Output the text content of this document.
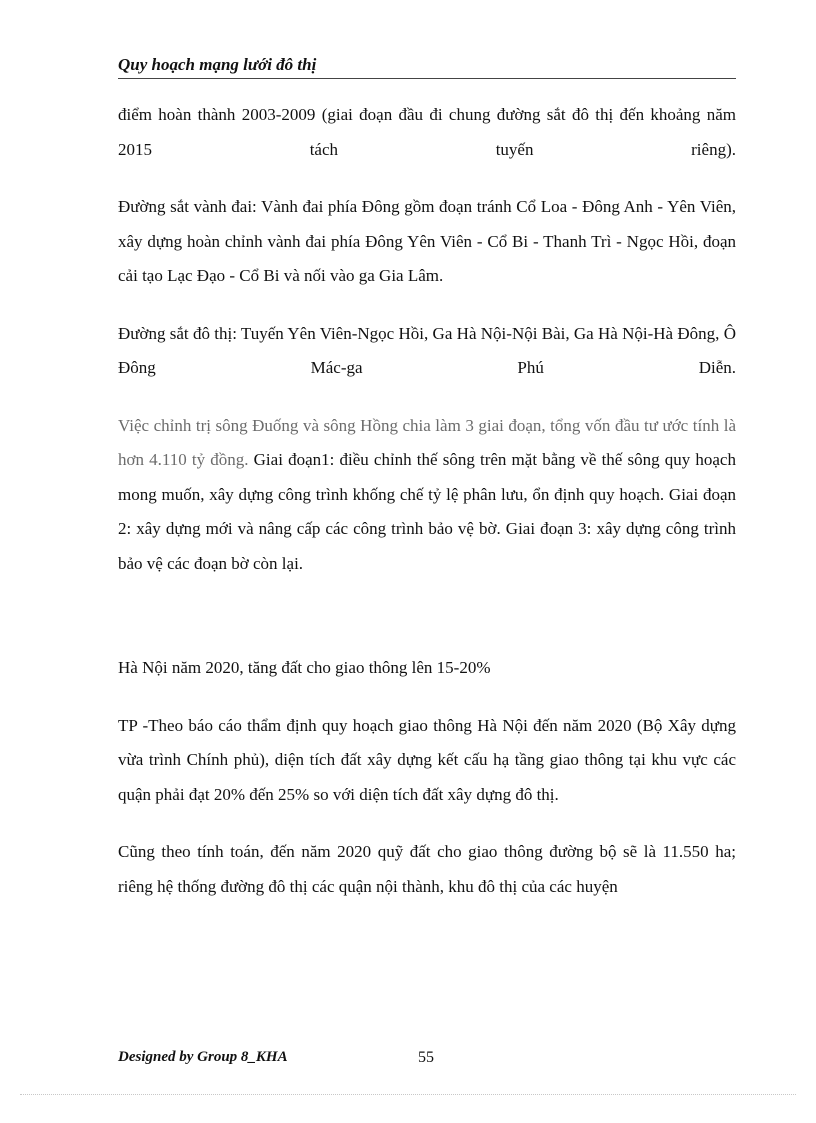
Quy hoạch mạng lưới đô thị

điểm hoàn thành 2003-2009 (giai đoạn đầu đi chung đường sắt đô thị đến khoảng năm 2015 tách tuyến riêng).

Đường sắt vành đai: Vành đai phía Đông gồm đoạn tránh Cổ Loa - Đông Anh - Yên Viên, xây dựng hoàn chỉnh vành đai phía Đông Yên Viên - Cổ Bi - Thanh Trì - Ngọc Hồi, đoạn cải tạo Lạc Đạo - Cổ Bi và nối vào ga Gia Lâm.

Đường sắt đô thị: Tuyến Yên Viên-Ngọc Hồi, Ga Hà Nội-Nội Bài, Ga Hà Nội-Hà Đông, Ô Đông Mác-ga Phú Diễn.

Việc chỉnh trị sông Đuống và sông Hồng chia làm 3 giai đoạn, tổng vốn đầu tư ước tính là hơn 4.110 tỷ đồng. Giai đoạn1: điều chỉnh thế sông trên mặt bằng về thế sông quy hoạch mong muốn, xây dựng công trình khống chế tỷ lệ phân lưu, ổn định quy hoạch. Giai đoạn 2: xây dựng mới và nâng cấp các công trình bảo vệ bờ. Giai đoạn 3: xây dựng công trình bảo vệ các đoạn bờ còn lại.

Hà Nội năm 2020, tăng đất cho giao thông lên 15-20%

TP -Theo báo cáo thẩm định quy hoạch giao thông Hà Nội đến năm 2020 (Bộ Xây dựng vừa trình Chính phủ), diện tích đất xây dựng kết cấu hạ tầng giao thông tại khu vực các quận phải đạt 20% đến 25% so với diện tích đất xây dựng đô thị.

Cũng theo tính toán, đến năm 2020 quỹ đất cho giao thông đường bộ sẽ là 11.550 ha; riêng hệ thống đường đô thị các quận nội thành, khu đô thị của các huyện

Designed by Group 8_KHA	55
